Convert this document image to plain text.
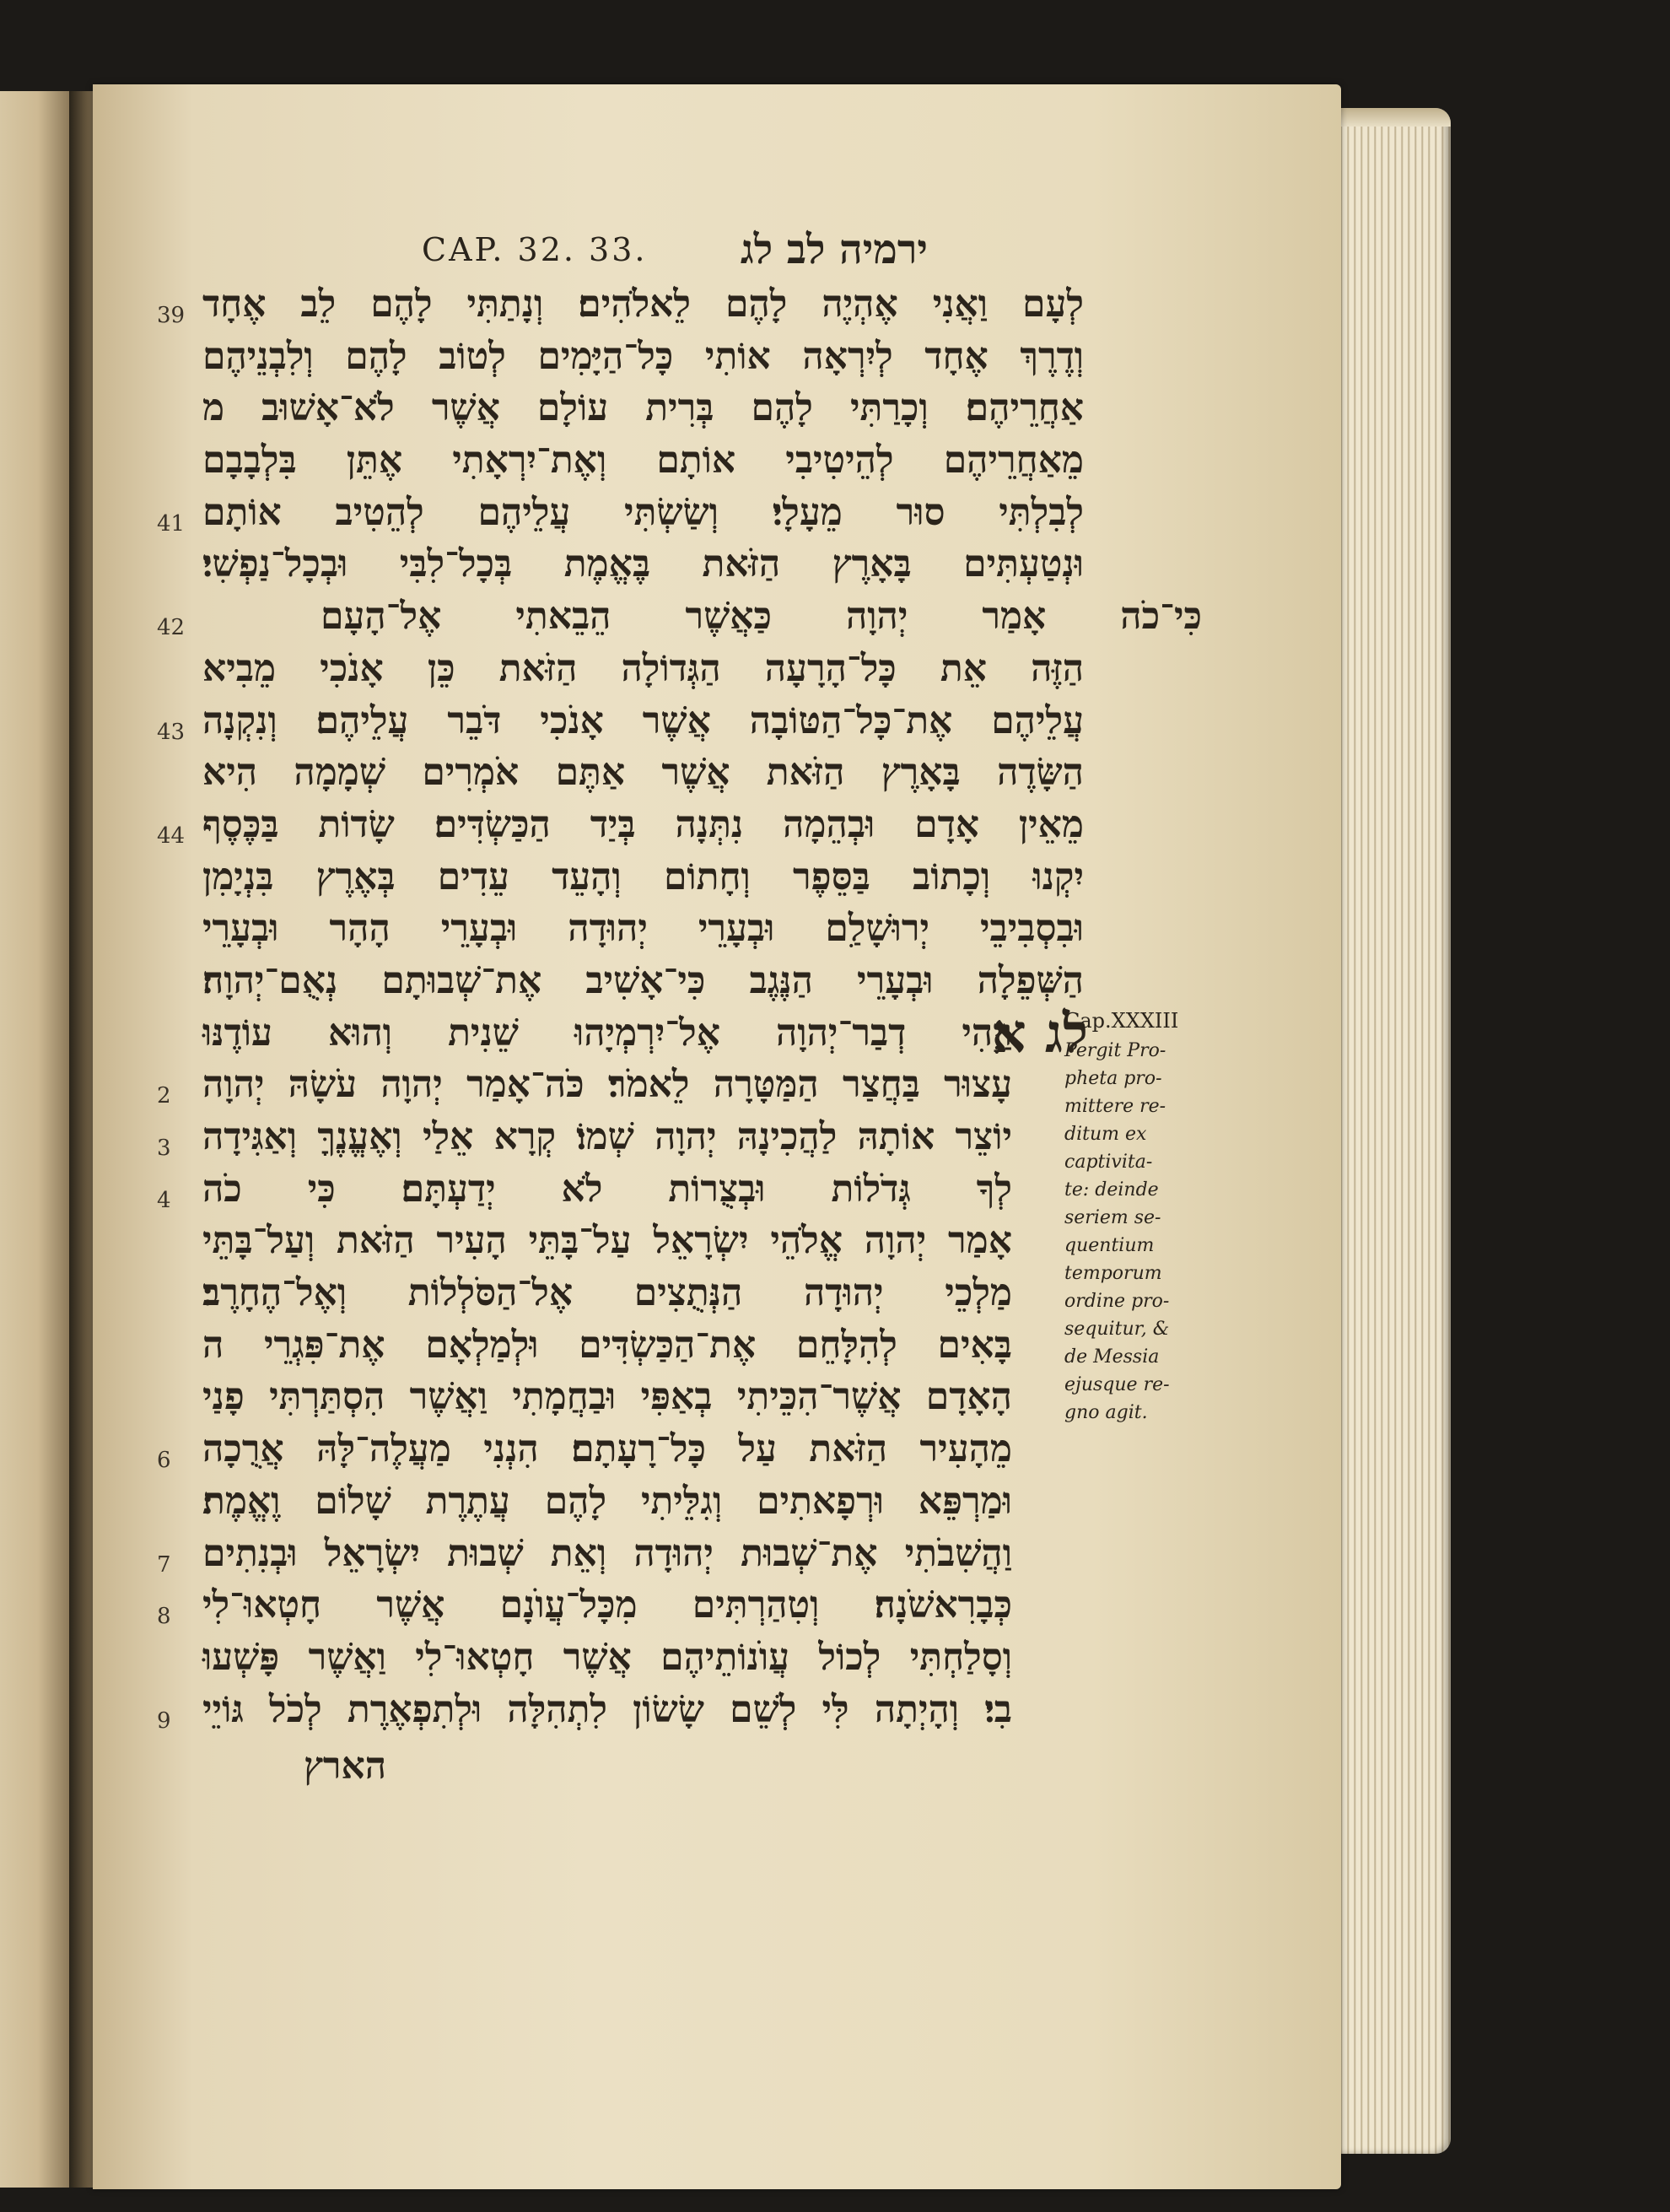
CAP. 32. 33. ירמיה לב לג
לְעָם וַאֲנִי אֶהְיֶה לָהֶם לֵאלֹהִים׃ וְנָתַתִּי לָהֶם לֵב אֶחָד
39
וְדֶרֶךְ אֶחָד לְיִרְאָה אוֹתִי כָּל־הַיָּמִים לְטוֹב לָהֶם וְלִבְנֵיהֶם
אַחֲרֵיהֶם׃ וְכָרַתִּי לָהֶם בְּרִית עוֹלָם אֲשֶׁר לֹא־אָשׁוּב מ
מֵאַחֲרֵיהֶם לְהֵיטִיבִי אוֹתָם וְאֶת־יִרְאָתִי אֶתֵּן בִּלְבָבָם
לְבִלְתִּי סוּר מֵעָלָי׃ וְשַׂשְׂתִּי עֲלֵיהֶם לְהֵטִיב אוֹתָם
41
וּנְטַעְתִּים בָּאָרֶץ הַזֹּאת בֶּאֱמֶת בְּכָל־לִבִּי וּבְכָל־נַפְשִׁי׃
כִּי־כֹה אָמַר יְהוָה כַּאֲשֶׁר הֵבֵאתִי אֶל־הָעָם
42
הַזֶּה אֵת כָּל־הָרָעָה הַגְּדוֹלָה הַזֹּאת כֵּן אָנֹכִי מֵבִיא
עֲלֵיהֶם אֶת־כָּל־הַטּוֹבָה אֲשֶׁר אָנֹכִי דֹּבֵר עֲלֵיהֶם׃ וְנִקְנָה
43
הַשָּׂדֶה בָּאָרֶץ הַזֹּאת אֲשֶׁר אַתֶּם אֹמְרִים שְׁמָמָה הִיא
מֵאֵין אָדָם וּבְהֵמָה נִתְּנָה בְּיַד הַכַּשְׂדִּים׃ שָׂדוֹת בַּכֶּסֶף
44
יִקְנוּ וְכָתוֹב בַּסֵּפֶר וְחָתוֹם וְהָעֵד עֵדִים בְּאֶרֶץ בִּנְיָמִן
וּבִסְבִיבֵי יְרוּשָׁלִַם וּבְעָרֵי יְהוּדָה וּבְעָרֵי הָהָר וּבְעָרֵי
הַשְּׁפֵלָה וּבְעָרֵי הַנֶּגֶב כִּי־אָשִׁיב אֶת־שְׁבוּתָם נְאֻם־יְהוָה׃
וַיְהִי דְבַר־יְהוָה אֶל־יִרְמְיָהוּ שֵׁנִית וְהוּא עוֹדֶנּוּ
עָצוּר בַּחֲצַר הַמַּטָּרָה לֵאמֹר׃ כֹּה־אָמַר יְהוָה עֹשָׂהּ יְהוָה
2
יוֹצֵר אוֹתָהּ לַהֲכִינָהּ יְהוָה שְׁמוֹ׃ קְרָא אֵלַי וְאֶעֱנֶךָּ וְאַגִּידָה
3
לְךָ גְּדֹלוֹת וּבְצֻרוֹת לֹא יְדַעְתָּם׃ כִּי כֹה
4
אָמַר יְהוָה אֱלֹהֵי יִשְׂרָאֵל עַל־בָּתֵּי הָעִיר הַזֹּאת וְעַל־בָּתֵּי
מַלְכֵי יְהוּדָה הַנְּתֻצִים אֶל־הַסֹּלְלוֹת וְאֶל־הֶחָרֶב׃
בָּאִים לְהִלָּחֵם אֶת־הַכַּשְׂדִּים וּלְמַלְאָם אֶת־פִּגְרֵי ה
הָאָדָם אֲשֶׁר־הִכֵּיתִי בְאַפִּי וּבַחֲמָתִי וַאֲשֶׁר הִסְתַּרְתִּי פָנַי
מֵהָעִיר הַזֹּאת עַל כָּל־רָעָתָם׃ הִנְנִי מַעֲלֶה־לָּהּ אֲרֻכָה
6
וּמַרְפֵּא וּרְפָאתִים וְגִלֵּיתִי לָהֶם עֲתֶרֶת שָׁלוֹם וֶאֱמֶת׃
וַהֲשִׁבֹתִי אֶת־שְׁבוּת יְהוּדָה וְאֵת שְׁבוּת יִשְׂרָאֵל וּבְנִתִים
7
כְּבָרִאשֹׁנָה׃ וְטִהַרְתִּים מִכָּל־עֲוֺנָם אֲשֶׁר חָטְאוּ־לִי
8
וְסָלַחְתִּי לְכוֹל עֲוֺנוֹתֵיהֶם אֲשֶׁר חָטְאוּ־לִי וַאֲשֶׁר פָּשְׁעוּ
בִי׃ וְהָיְתָה לִּי לְשֵׁם שָׂשׂוֹן לִתְהִלָּה וּלְתִפְאֶרֶת לְכֹל גּוֹיֵי
9
לג א
Cap.XXXIII
Pergit Pro-
pheta pro-
mittere re-
ditum ex
captivita-
te: deinde
seriem se-
quentium
temporum
ordine pro-
sequitur, &
de Messia
ejusque re-
gno agit.
הארץ
